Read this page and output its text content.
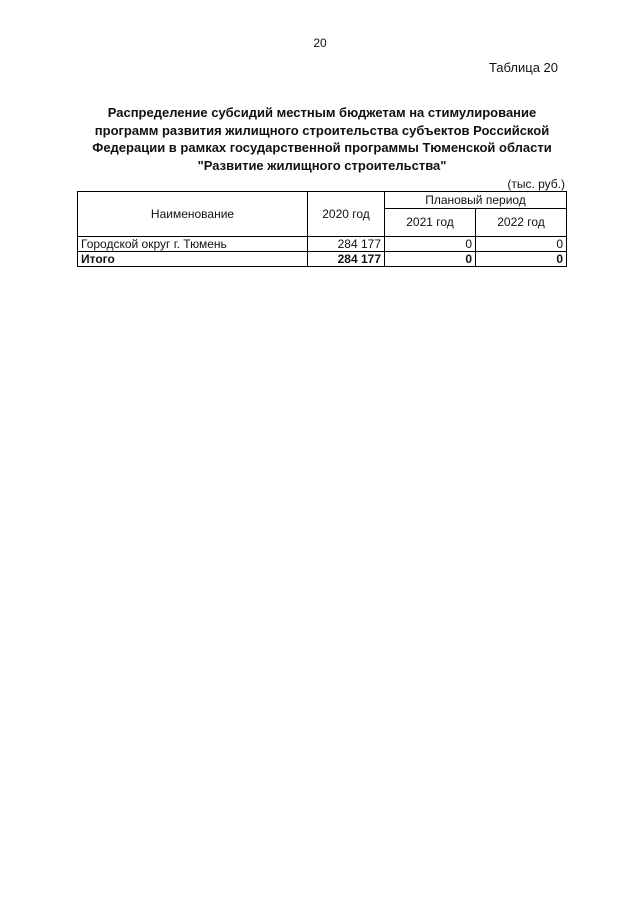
20
Таблица 20
Распределение субсидий местным бюджетам на стимулирование
программ развития жилищного строительства субъектов Российской
Федерации в рамках государственной программы Тюменской области
"Развитие жилищного строительства"
(тыс. руб.)
Наименование	2020 год	Плановый период	
		2021 год	2022 год
Городской округ г. Тюмень	284 177	0	0
Итого	284 177	0	0
